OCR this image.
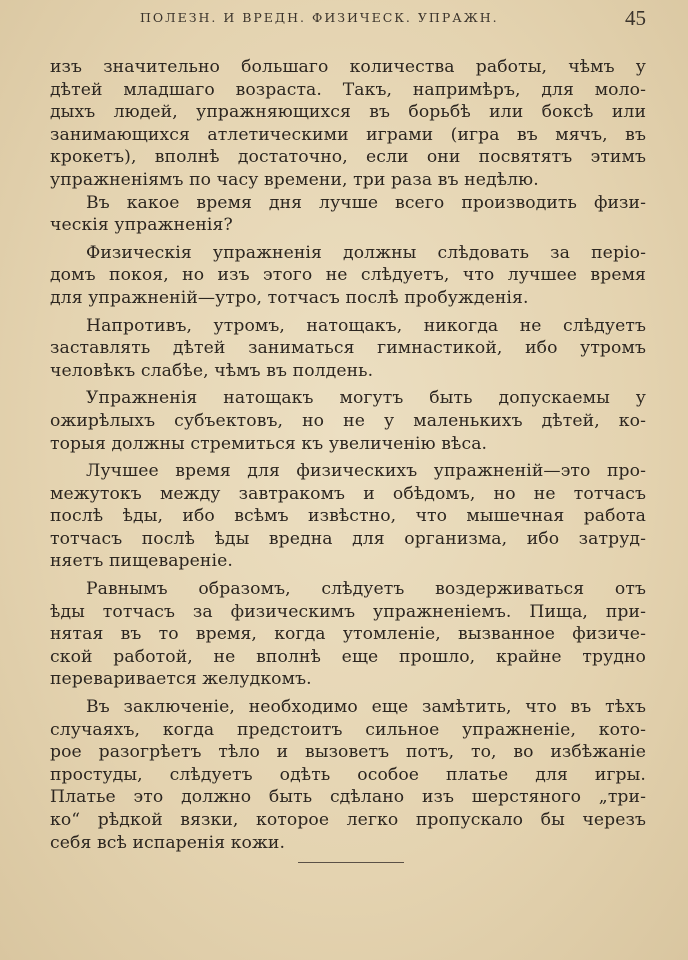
ПОЛЕЗН. И ВРЕДН. ФИЗИЧЕСК. УПРАЖН.	45
изъ значительно большагo количества работы, чѣмъ у
дѣтей младшаго возраста. Такъ, напримѣръ, для моло-
дыхъ людей, упражняющихся въ борьбѣ или боксѣ или
занимающихся атлетическими играми (игра въ мячъ, въ
крокетъ), вполнѣ достаточно, если они посвятятъ этимъ
упражненіямъ по часу времени, три раза въ недѣлю.
Въ какое время дня лучше всего производить физи-
ческія упражненія?
Физическія упражненія должны слѣдовать за періо-
домъ покоя, но изъ этого не слѣдуетъ, что лучшее время
для упражненій—утро, тотчасъ послѣ пробужденія.
Напротивъ, утромъ, натощакъ, никогда не слѣдуетъ
заставлять дѣтей заниматься гимнастикой, ибо утромъ
человѣкъ слабѣе, чѣмъ въ полдень.
Упражненія натощакъ могутъ быть допускаемы у
ожирѣлыхъ субъектовъ, но не у маленькихъ дѣтей, ко-
торыя должны стремиться къ увеличенію вѣса.
Лучшее время для физическихъ упражненій—это про-
межутокъ между завтракомъ и обѣдомъ, но не тотчасъ
послѣ ѣды, ибо всѣмъ извѣстно, что мышечная работа
тотчасъ послѣ ѣды вредна для организма, ибо затруд-
няетъ пищевареніе.
Равнымъ образомъ, слѣдуетъ воздерживаться отъ
ѣды тотчасъ за физическимъ упражненіемъ. Пища, при-
нятая въ то время, когда утомленіе, вызванное физиче-
ской работой, не вполнѣ еще прошло, крайне трудно
переваривается желудкомъ.
Въ заключеніе, необходимо еще замѣтить, что въ тѣхъ
случаяхъ, когда предстоитъ сильное упражненіе, кото-
рое разогрѣетъ тѣло и вызоветъ потъ, то, во избѣжаніе
простуды, слѣдуетъ одѣть особое платье для игры.
Платье это должно быть сдѣлано изъ шерстяного „три-
ко“ рѣдкой вязки, которое легко пропускало бы черезъ
себя всѣ испаренія кожи.
